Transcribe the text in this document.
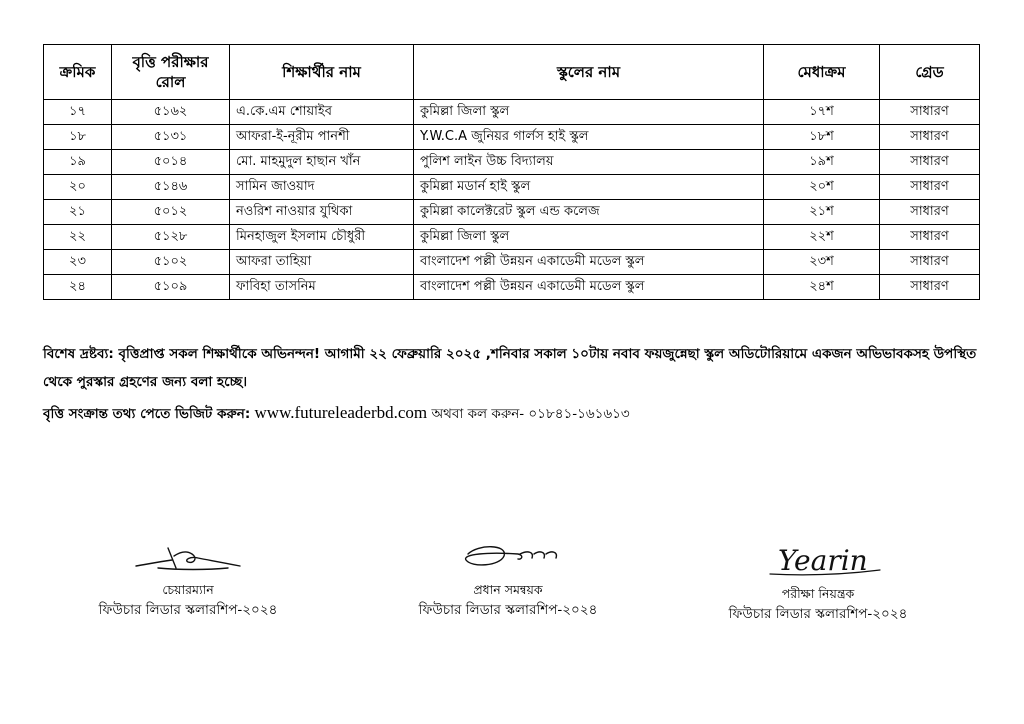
ক্রমিক	বৃত্তি পরীক্ষার রোল	শিক্ষার্থীর নাম	স্কুলের নাম	মেধাক্রম	গ্রেড
১৭	৫১৬২	এ.কে.এম শোয়াইব	কুমিল্লা জিলা স্কুল	১৭শ	সাধারণ
১৮	৫১৩১	আফরা-ই-নূরীম পানশী	Y.W.C.A জুনিয়র গার্লস হাই স্কুল	১৮শ	সাধারণ
১৯	৫০১৪	মো. মাহমুদুল হাছান খাঁন	পুলিশ লাইন উচ্চ বিদ্যালয়	১৯শ	সাধারণ
২০	৫১৪৬	সামিন জাওয়াদ	কুমিল্লা মডার্ন হাই স্কুল	২০শ	সাধারণ
২১	৫০১২	নওরিশ নাওয়ার যুথিকা	কুমিল্লা কালেক্টরেট স্কুল এন্ড কলেজ	২১শ	সাধারণ
২২	৫১২৮	মিনহাজুল ইসলাম চৌধুরী	কুমিল্লা জিলা স্কুল	২২শ	সাধারণ
২৩	৫১০২	আফরা তাহিয়া	বাংলাদেশ পল্লী উন্নয়ন একাডেমী মডেল স্কুল	২৩শ	সাধারণ
২৪	৫১০৯	ফাবিহা তাসনিম	বাংলাদেশ পল্লী উন্নয়ন একাডেমী মডেল স্কুল	২৪শ	সাধারণ
বিশেষ দ্রষ্টব্য: বৃত্তিপ্রাপ্ত সকল শিক্ষার্থীকে অভিনন্দন! আগামী ২২ ফেব্রুয়ারি ২০২৫ ,শনিবার সকাল ১০টায় নবাব ফয়জুন্নেছা স্কুল অডিটোরিয়ামে একজন অভিভাবকসহ উপস্থিত থেকে পুরস্কার গ্রহণের জন্য বলা হচ্ছে।
বৃত্তি সংক্রান্ত তথ্য পেতে ভিজিট করুন: www.futureleaderbd.com অথবা কল করুন- ০১৮৪১-১৬১৬১৩
চেয়ারম্যান
ফিউচার লিডার স্কলারশিপ-২০২৪
প্রধান সমন্বয়ক
ফিউচার লিডার স্কলারশিপ-২০২৪
Yearin
পরীক্ষা নিয়ন্ত্রক
ফিউচার লিডার স্কলারশিপ-২০২৪
